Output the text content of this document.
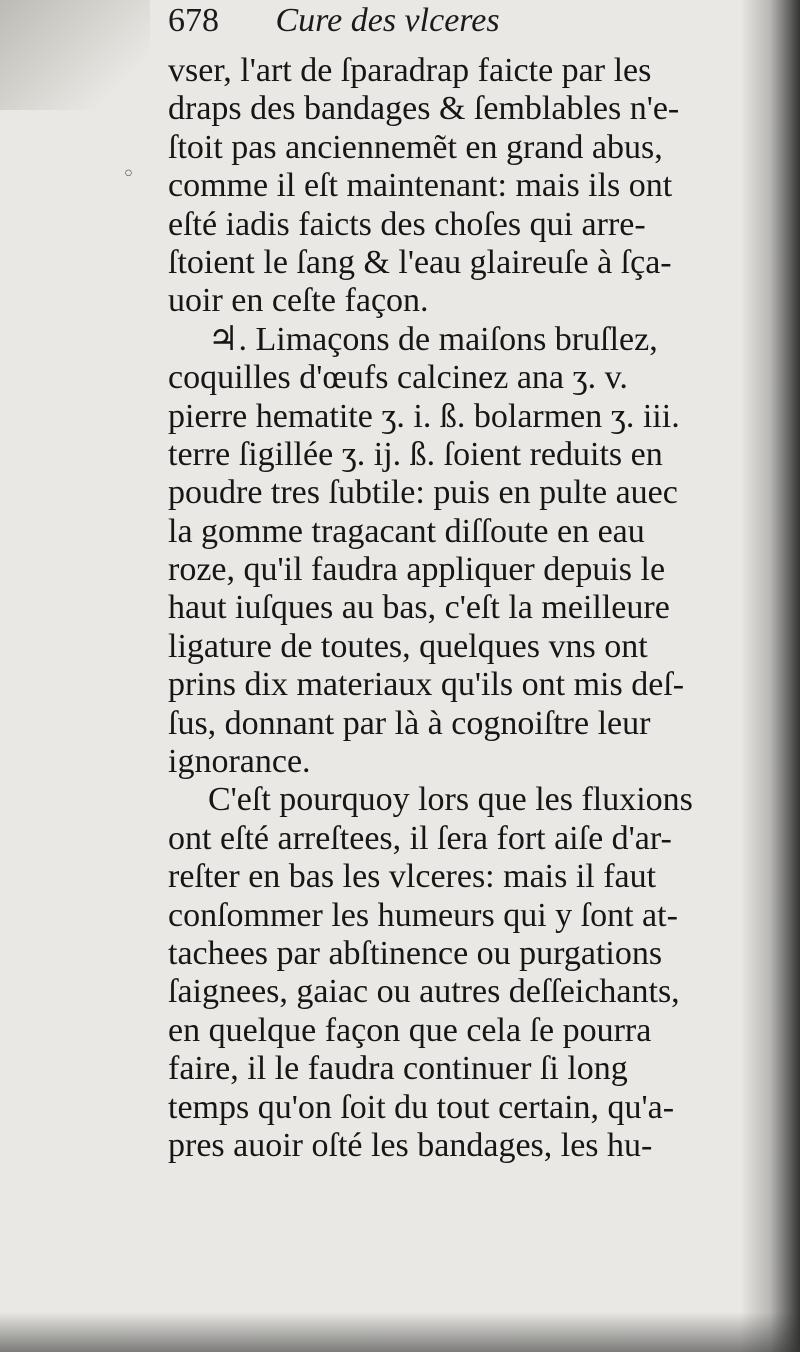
678 Cure des vlceres
◦
vser, l'art de ſparadrap faicte par les
draps des bandages & ſemblables n'e-
ſtoit pas anciennemẽt en grand abus,
comme il eſt maintenant: mais ils ont
eſté iadis faicts des choſes qui arre-
ſtoient le ſang & l'eau glaireuſe à ſça-
uoir en ceſte façon.
♃. Limaçons de maiſons bruſlez,
coquilles d'œufs calcinez ana ʒ. v.
pierre hematite ʒ. i. ß. bolarmen ʒ. iii.
terre ſigillée ʒ. ij. ß. ſoient reduits en
poudre tres ſubtile: puis en pulte auec
la gomme tragacant diſſoute en eau
roze, qu'il faudra appliquer depuis le
haut iuſques au bas, c'eſt la meilleure
ligature de toutes, quelques vns ont
prins dix materiaux qu'ils ont mis deſ-
ſus, donnant par là à cognoiſtre leur
ignorance.
C'eſt pourquoy lors que les fluxions
ont eſté arreſtees, il ſera fort aiſe d'ar-
reſter en bas les vlceres: mais il faut
conſommer les humeurs qui y ſont at-
tachees par abſtinence ou purgations
ſaignees, gaiac ou autres deſſeichants,
en quelque façon que cela ſe pourra
faire, il le faudra continuer ſi long
temps qu'on ſoit du tout certain, qu'a-
pres auoir oſté les bandages, les hu-
